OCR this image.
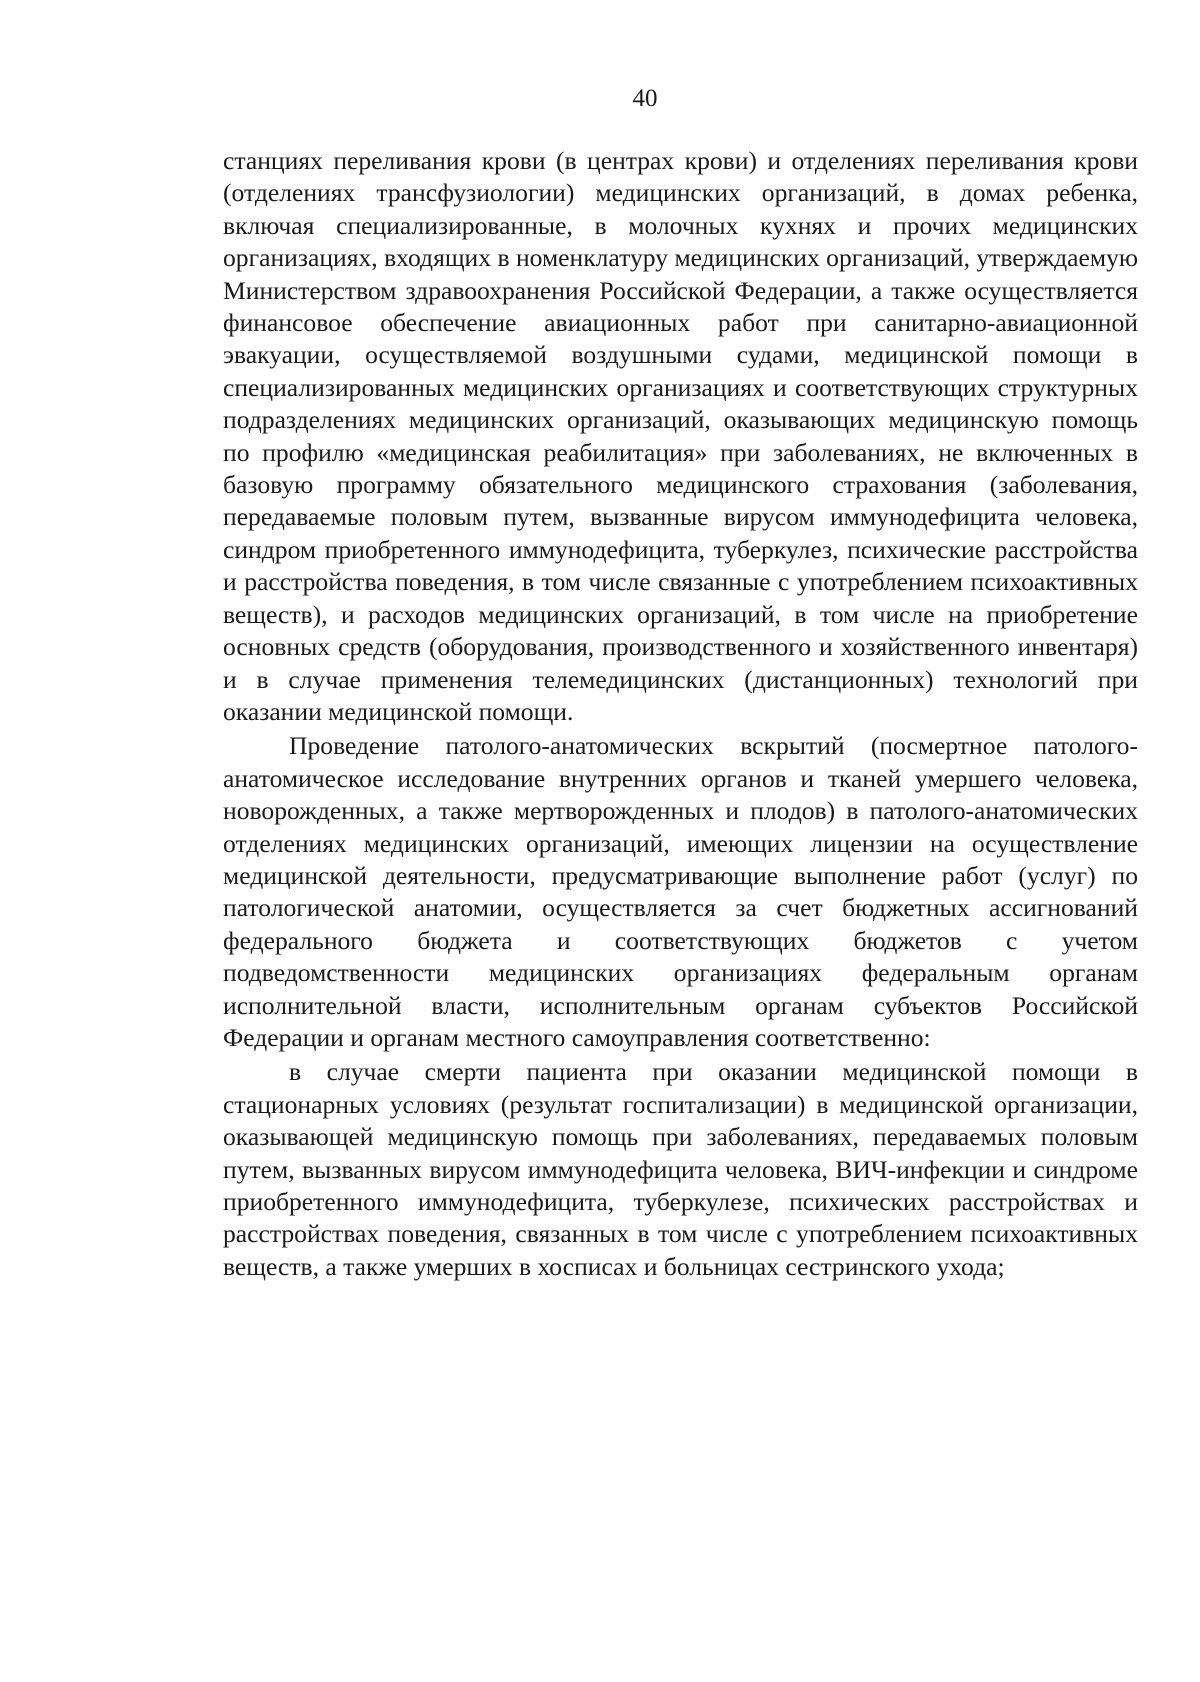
40

станциях переливания крови (в центрах крови) и отделениях переливания крови (отделениях трансфузиологии) медицинских организаций, в домах ребенка, включая специализированные, в молочных кухнях и прочих медицинских организациях, входящих в номенклатуру медицинских организаций, утверждаемую Министерством здравоохранения Российской Федерации, а также осуществляется финансовое обеспечение авиационных работ при санитарно-авиационной эвакуации, осуществляемой воздушными судами, медицинской помощи в специализированных медицинских организациях и соответствующих структурных подразделениях медицинских организаций, оказывающих медицинскую помощь по профилю «медицинская реабилитация» при заболеваниях, не включенных в базовую программу обязательного медицинского страхования (заболевания, передаваемые половым путем, вызванные вирусом иммунодефицита человека, синдром приобретенного иммунодефицита, туберкулез, психические расстройства и расстройства поведения, в том числе связанные с употреблением психоактивных веществ), и расходов медицинских организаций, в том числе на приобретение основных средств (оборудования, производственного и хозяйственного инвентаря) и в случае применения телемедицинских (дистанционных) технологий при оказании медицинской помощи.

Проведение патолого-анатомических вскрытий (посмертное патолого-анатомическое исследование внутренних органов и тканей умершего человека, новорожденных, а также мертворожденных и плодов) в патолого-анатомических отделениях медицинских организаций, имеющих лицензии на осуществление медицинской деятельности, предусматривающие выполнение работ (услуг) по патологической анатомии, осуществляется за счет бюджетных ассигнований федерального бюджета и соответствующих бюджетов с учетом подведомственности медицинских организациях федеральным органам исполнительной власти, исполнительным органам субъектов Российской Федерации и органам местного самоуправления соответственно:

в случае смерти пациента при оказании медицинской помощи в стационарных условиях (результат госпитализации) в медицинской организации, оказывающей медицинскую помощь при заболеваниях, передаваемых половым путем, вызванных вирусом иммунодефицита человека, ВИЧ-инфекции и синдроме приобретенного иммунодефицита, туберкулезе, психических расстройствах и расстройствах поведения, связанных в том числе с употреблением психоактивных веществ, а также умерших в хосписах и больницах сестринского ухода;
